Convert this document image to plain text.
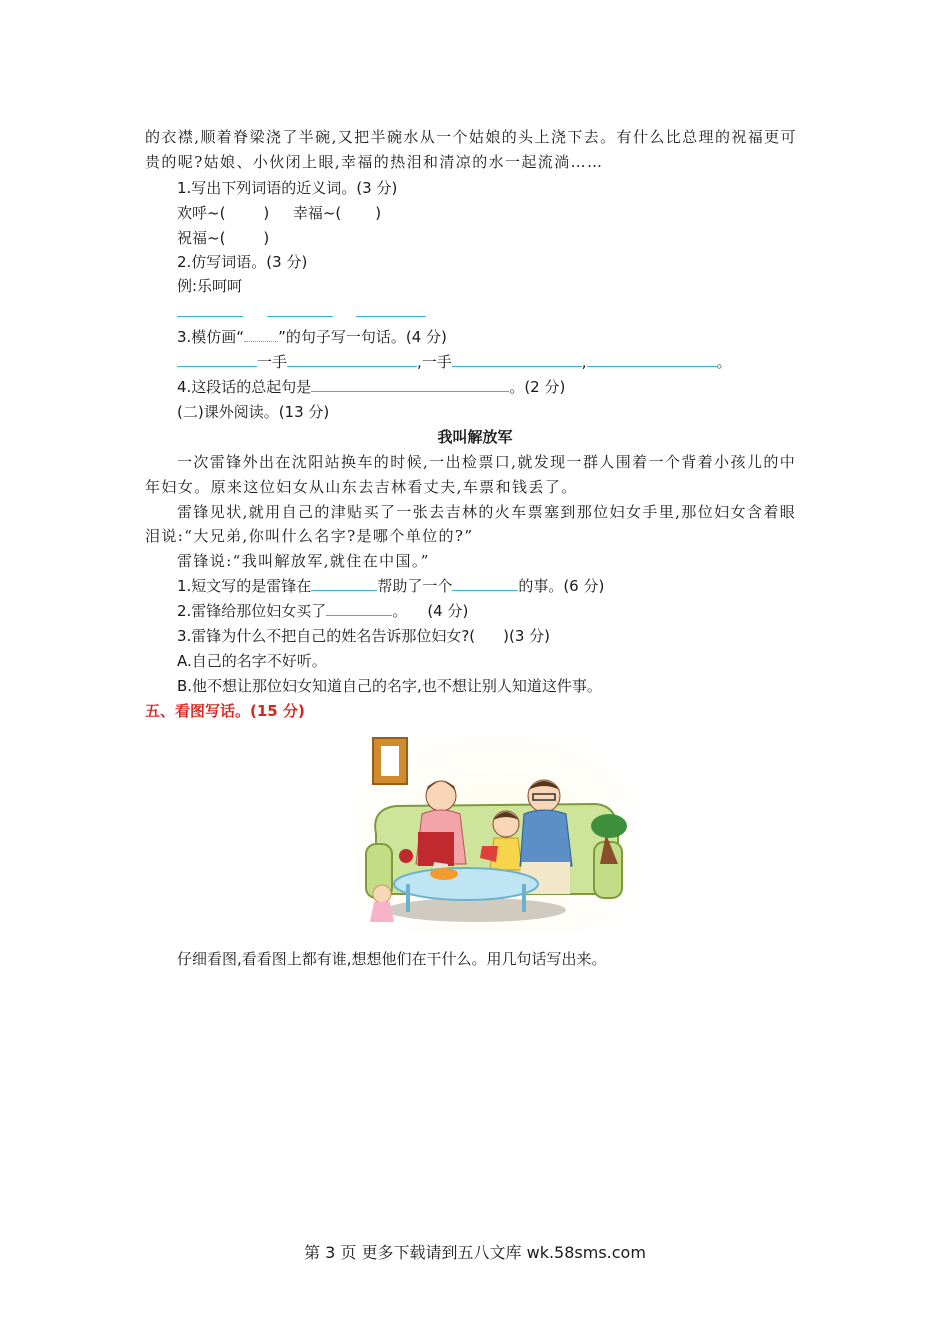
的衣襟,顺着脊梁浇了半碗,又把半碗水从一个姑娘的头上浇下去。有什么比总理的祝福更可
贵的呢?姑娘、小伙闭上眼,幸福的热泪和清凉的水一起流淌……
1.写出下列词语的近义词。(3 分)
欢呼~(	) 幸福~( )
祝福~(	)
2.仿写词语。(3 分)
例:乐呵呵

3.模仿画“ ”的句子写一句话。(4 分)
一手	,一手	,	。
4.这段话的总起句是	。(2 分)
(二)课外阅读。(13 分)
我叫解放军
一次雷锋外出在沈阳站换车的时候,一出检票口,就发现一群人围着一个背着小孩儿的中
年妇女。原来这位妇女从山东去吉林看丈夫,车票和钱丢了。
雷锋见状,就用自己的津贴买了一张去吉林的火车票塞到那位妇女手里,那位妇女含着眼
泪说:“大兄弟,你叫什么名字?是哪个单位的?”
雷锋说:“我叫解放军,就住在中国。”
1.短文写的是雷锋在	帮助了一个	的事。(6 分)
2.雷锋给那位妇女买了	。 (4 分)
3.雷锋为什么不把自己的姓名告诉那位妇女?( )(3 分)
A.自己的名字不好听。
B.他不想让那位妇女知道自己的名字,也不想让别人知道这件事。
五、看图写话。(15 分)
仔细看图,看看图上都有谁,想想他们在干什么。用几句话写出来。
第 3 页 更多下载请到五八文库 wk.58sms.com
